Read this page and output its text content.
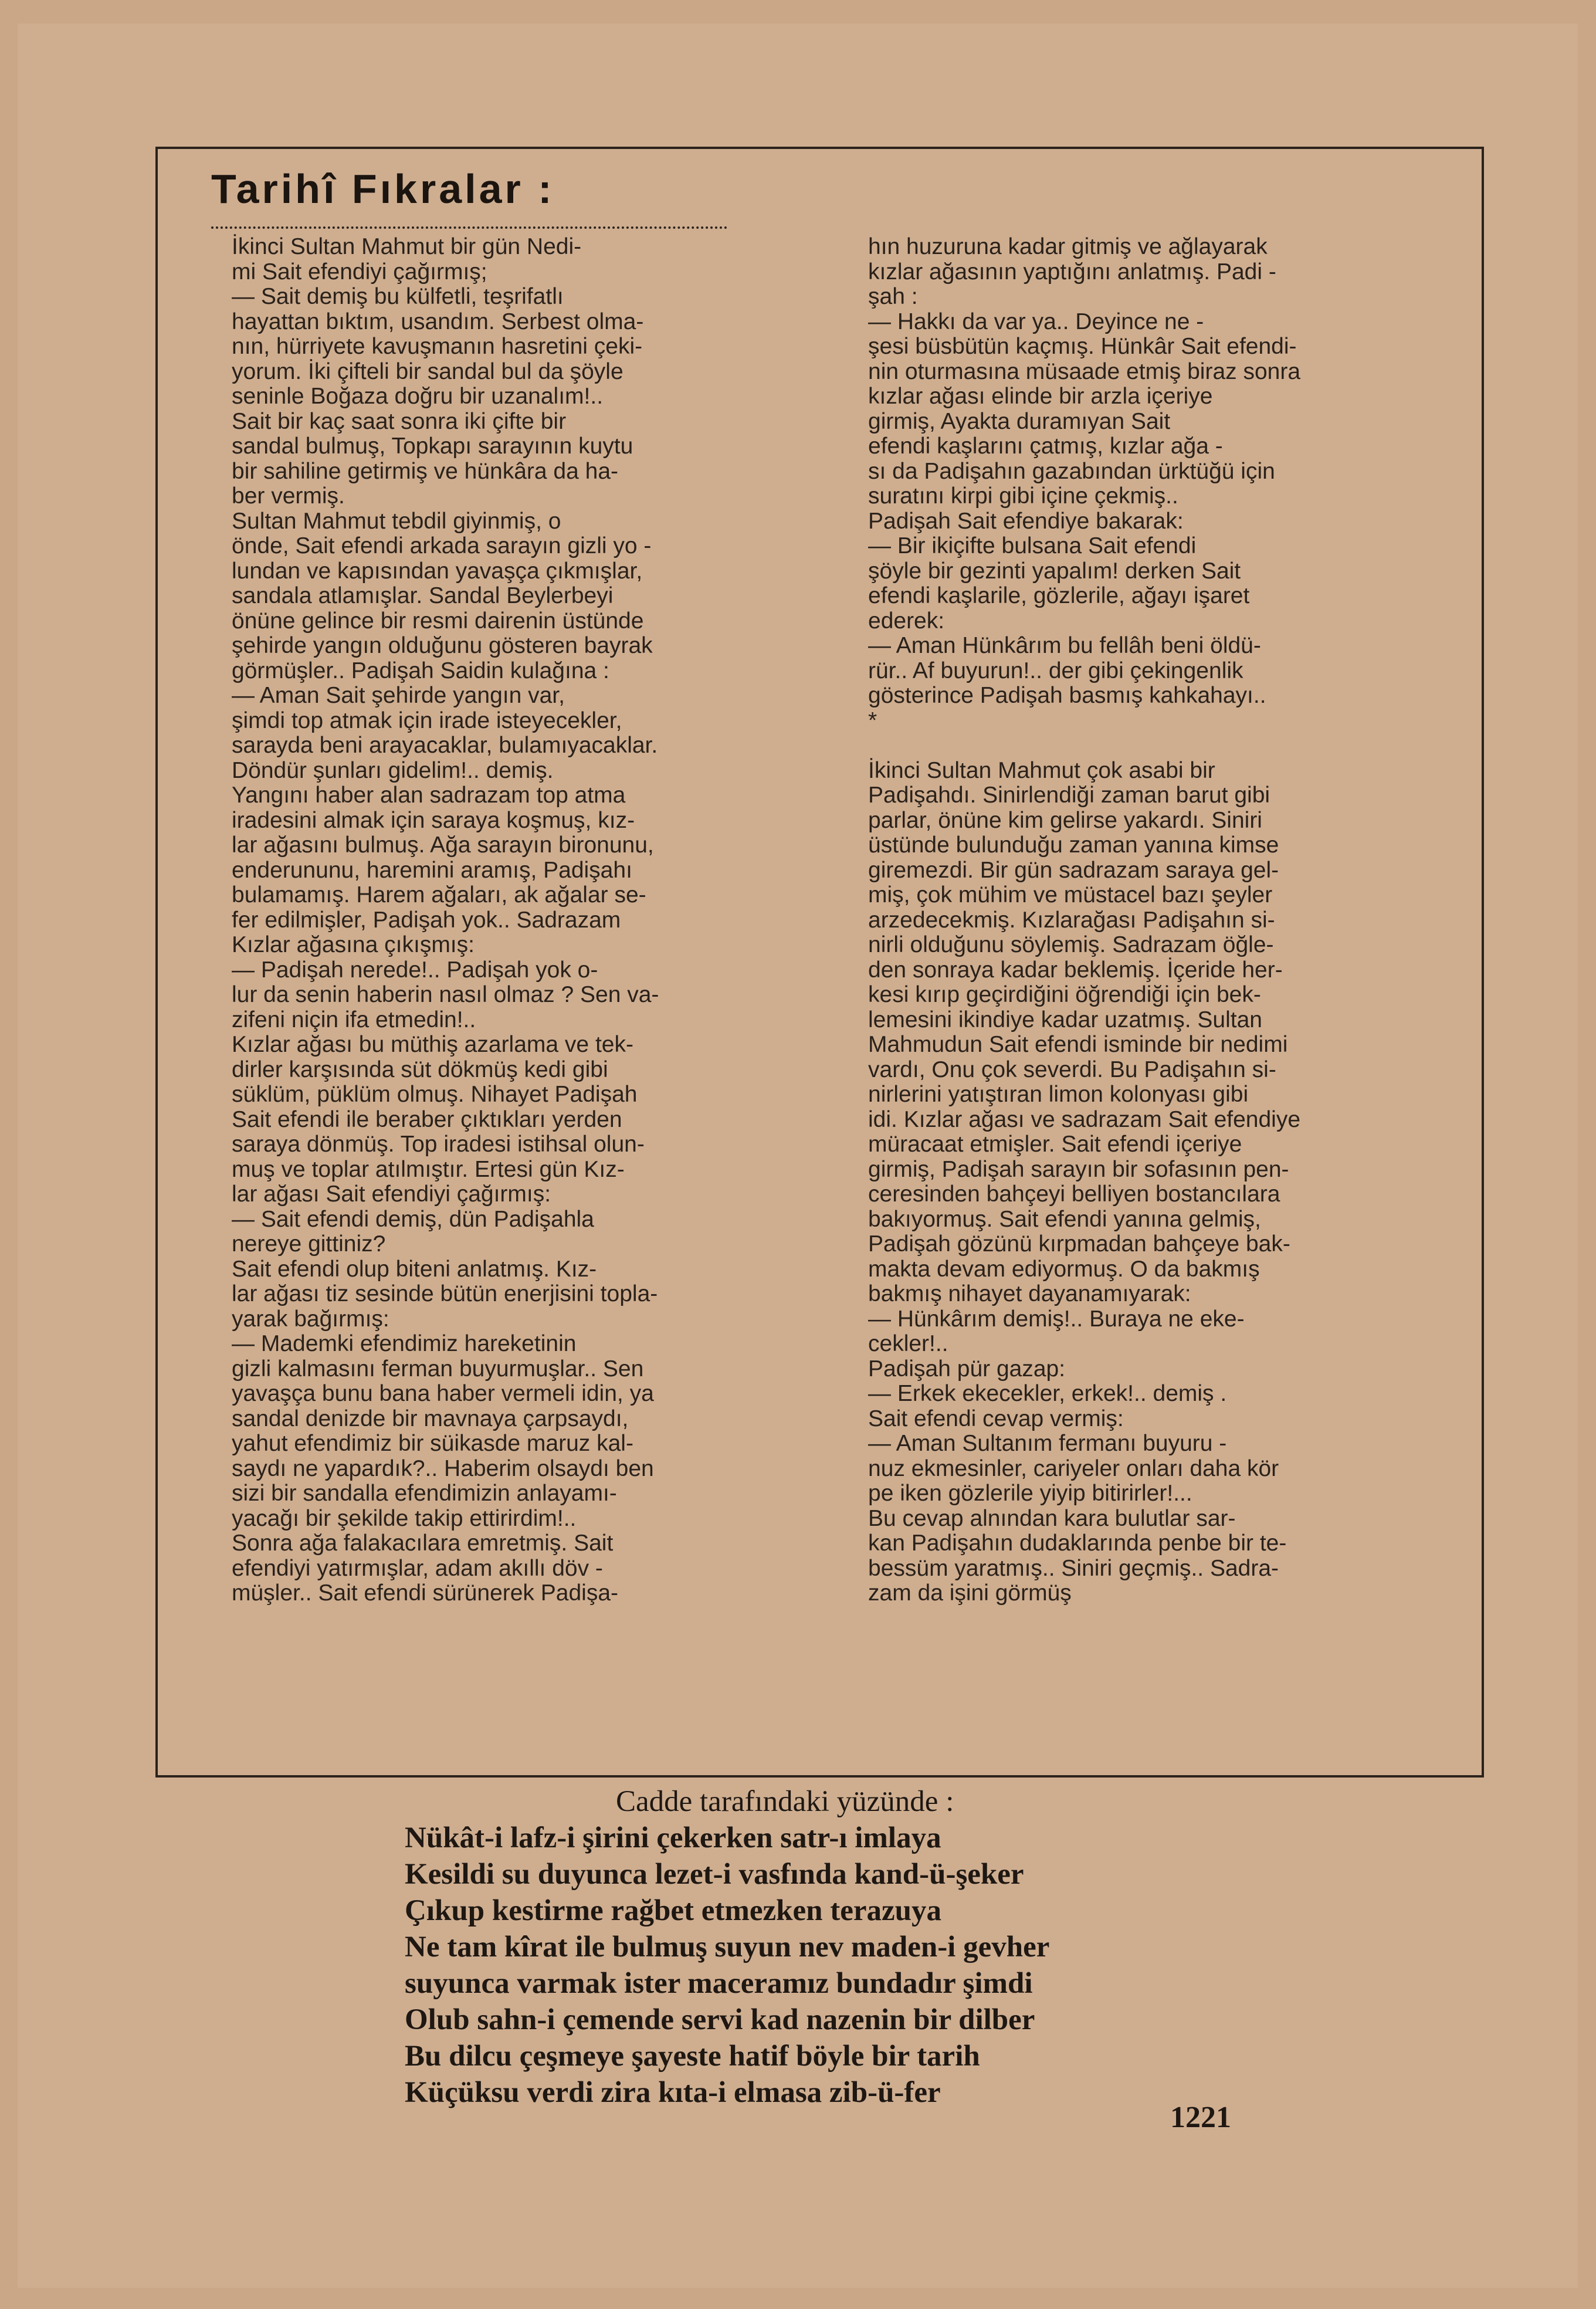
Tarihî Fıkralar :
İkinci Sultan Mahmut bir gün Nedi-
mi Sait efendiyi çağırmış;
— Sait demiş bu külfetli, teşrifatlı
hayattan bıktım, usandım. Serbest olma-
nın, hürriyete kavuşmanın hasretini çeki-
yorum. İki çifteli bir sandal bul da şöyle
seninle Boğaza doğru bir uzanalım!..
Sait bir kaç saat sonra iki çifte bir
sandal bulmuş, Topkapı sarayının kuytu
bir sahiline getirmiş ve hünkâra da ha-
ber vermiş.
Sultan Mahmut tebdil giyinmiş, o
önde, Sait efendi arkada sarayın gizli yo -
lundan ve kapısından yavaşça çıkmışlar,
sandala atlamışlar. Sandal Beylerbeyi
önüne gelince bir resmi dairenin üstünde
şehirde yangın olduğunu gösteren bayrak
görmüşler.. Padişah Saidin kulağına :
— Aman Sait şehirde yangın var,
şimdi top atmak için irade isteyecekler,
sarayda beni arayacaklar, bulamıyacaklar.
Döndür şunları gidelim!.. demiş.
Yangını haber alan sadrazam top atma
iradesini almak için saraya koşmuş, kız-
lar ağasını bulmuş. Ağa sarayın bironunu,
enderununu, haremini aramış, Padişahı
bulamamış. Harem ağaları, ak ağalar se-
fer edilmişler, Padişah yok.. Sadrazam
Kızlar ağasına çıkışmış:
— Padişah nerede!.. Padişah yok o-
lur da senin haberin nasıl olmaz ? Sen va-
zifeni niçin ifa etmedin!..
Kızlar ağası bu müthiş azarlama ve tek-
dirler karşısında süt dökmüş kedi gibi
süklüm, püklüm olmuş. Nihayet Padişah
Sait efendi ile beraber çıktıkları yerden
saraya dönmüş. Top iradesi istihsal olun-
muş ve toplar atılmıştır. Ertesi gün Kız-
lar ağası Sait efendiyi çağırmış:
— Sait efendi demiş, dün Padişahla
nereye gittiniz?
Sait efendi olup biteni anlatmış. Kız-
lar ağası tiz sesinde bütün enerjisini topla-
yarak bağırmış:
— Mademki efendimiz hareketinin
gizli kalmasını ferman buyurmuşlar.. Sen
yavaşça bunu bana haber vermeli idin, ya
sandal denizde bir mavnaya çarpsaydı,
yahut efendimiz bir süikasde maruz kal-
saydı ne yapardık?.. Haberim olsaydı ben
sizi bir sandalla efendimizin anlayamı-
yacağı bir şekilde takip ettirirdim!..
Sonra ağa falakacılara emretmiş. Sait
efendiyi yatırmışlar, adam akıllı döv -
müşler.. Sait efendi sürünerek Padişa-
hın huzuruna kadar gitmiş ve ağlayarak
kızlar ağasının yaptığını anlatmış. Padi -
şah :
— Hakkı da var ya.. Deyince ne -
şesi büsbütün kaçmış. Hünkâr Sait efendi-
nin oturmasına müsaade etmiş biraz sonra
kızlar ağası elinde bir arzla içeriye
girmiş, Ayakta duramıyan Sait
efendi kaşlarını çatmış, kızlar ağa -
sı da Padişahın gazabından ürktüğü için
suratını kirpi gibi içine çekmiş..
Padişah Sait efendiye bakarak:
— Bir ikiçifte bulsana Sait efendi
şöyle bir gezinti yapalım! derken Sait
efendi kaşlarile, gözlerile, ağayı işaret
ederek:
— Aman Hünkârım bu fellâh beni öldü-
rür.. Af buyurun!.. der gibi çekingenlik
gösterince Padişah basmış kahkahayı..
*
İkinci Sultan Mahmut çok asabi bir
Padişahdı. Sinirlendiği zaman barut gibi
parlar, önüne kim gelirse yakardı. Siniri
üstünde bulunduğu zaman yanına kimse
giremezdi. Bir gün sadrazam saraya gel-
miş, çok mühim ve müstacel bazı şeyler
arzedecekmiş. Kızlarağası Padişahın si-
nirli olduğunu söylemiş. Sadrazam öğle-
den sonraya kadar beklemiş. İçeride her-
kesi kırıp geçirdiğini öğrendiği için bek-
lemesini ikindiye kadar uzatmış. Sultan
Mahmudun Sait efendi isminde bir nedimi
vardı, Onu çok severdi. Bu Padişahın si-
nirlerini yatıştıran limon kolonyası gibi
idi. Kızlar ağası ve sadrazam Sait efendiye
müracaat etmişler. Sait efendi içeriye
girmiş, Padişah sarayın bir sofasının pen-
ceresinden bahçeyi belliyen bostancılara
bakıyormuş. Sait efendi yanına gelmiş,
Padişah gözünü kırpmadan bahçeye bak-
makta devam ediyormuş. O da bakmış
bakmış nihayet dayanamıyarak:
— Hünkârım demiş!.. Buraya ne eke-
cekler!..
Padişah pür gazap:
— Erkek ekecekler, erkek!.. demiş .
Sait efendi cevap vermiş:
— Aman Sultanım fermanı buyuru -
nuz ekmesinler, cariyeler onları daha kör
pe iken gözlerile yiyip bitirirler!...
Bu cevap alnından kara bulutlar sar-
kan Padişahın dudaklarında penbe bir te-
bessüm yaratmış.. Siniri geçmiş.. Sadra-
zam da işini görmüş
Cadde tarafındaki yüzünde :
Nükât-i lafz-i şirini çekerken satr-ı imlaya
Kesildi su duyunca lezet-i vasfında kand-ü-şeker
Çıkup kestirme rağbet etmezken terazuya
Ne tam kîrat ile bulmuş suyun nev maden-i gevher
suyunca varmak ister maceramız bundadır şimdi
Olub sahn-i çemende servi kad nazenin bir dilber
Bu dilcu çeşmeye şayeste hatif böyle bir tarih
Küçüksu verdi zira kıta-i elmasa zib-ü-fer
1221
